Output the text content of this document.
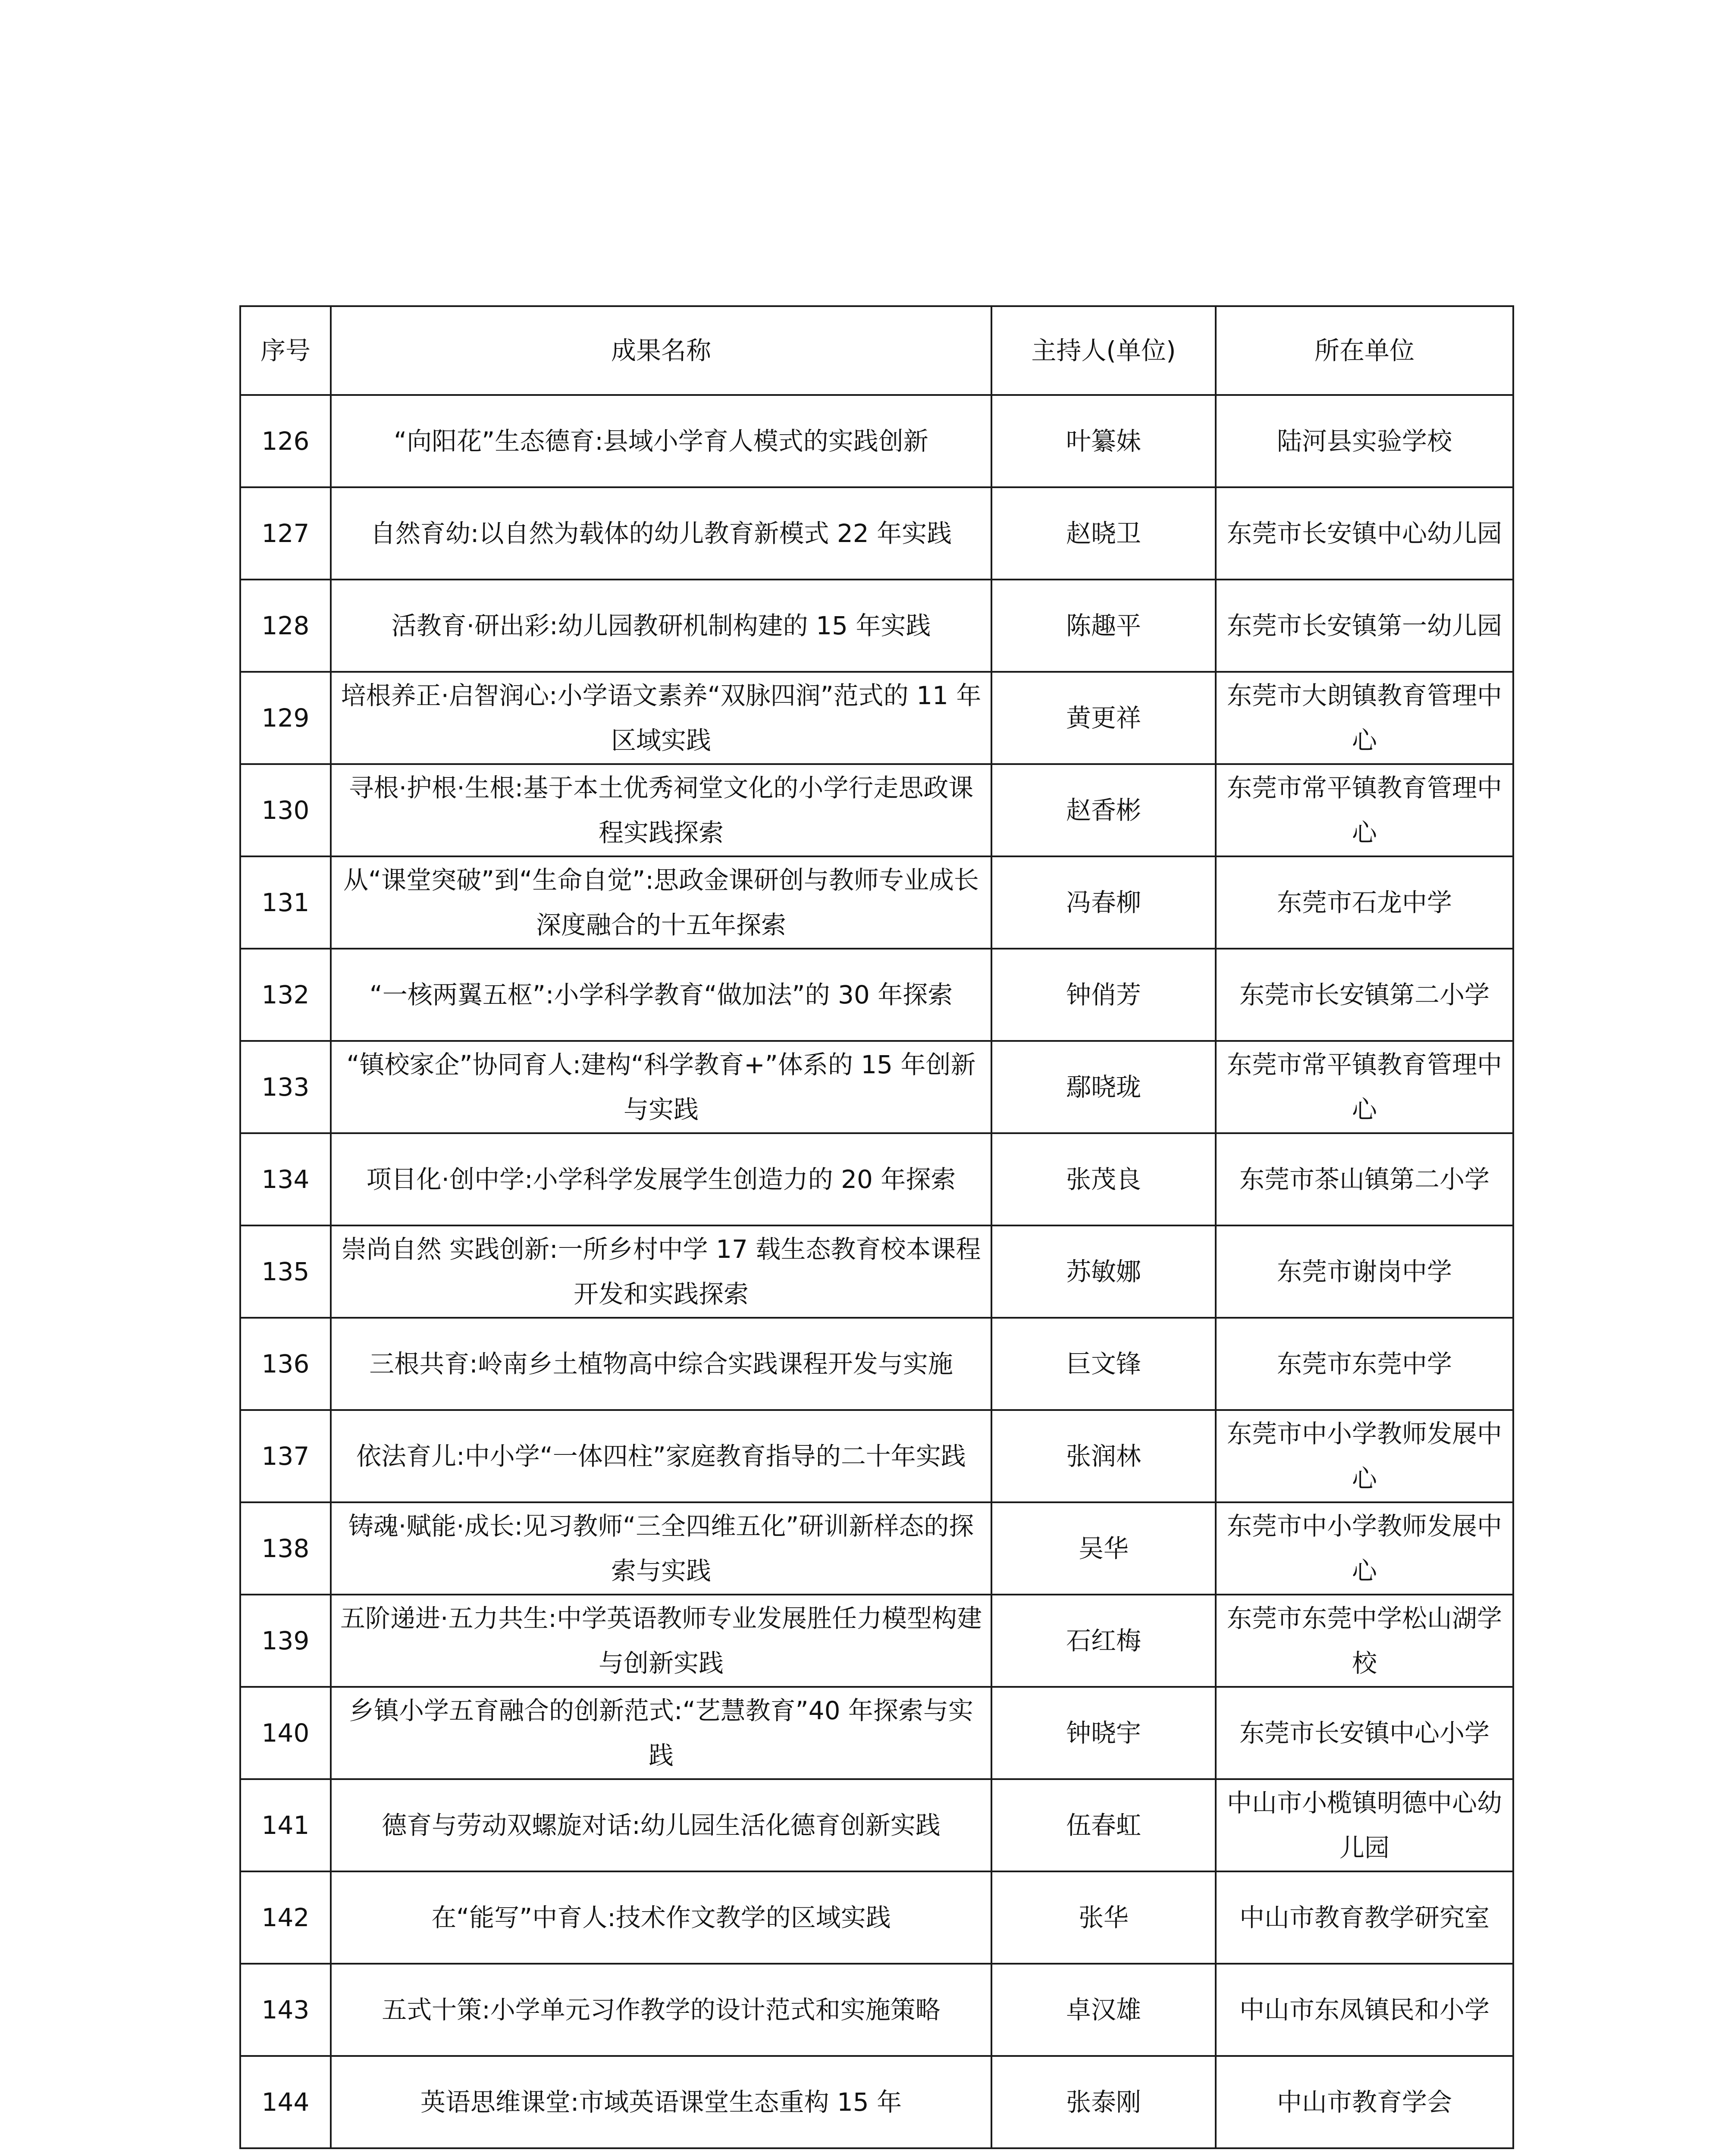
序号	成果名称	主持人(单位)	所在单位
126	“向阳花”生态德育:县域小学育人模式的实践创新	叶纂妹	陆河县实验学校
127	自然育幼:以自然为载体的幼儿教育新模式 22 年实践	赵晓卫	东莞市长安镇中心幼儿园
128	活教育·研出彩:幼儿园教研机制构建的 15 年实践	陈趣平	东莞市长安镇第一幼儿园
129	培根养正·启智润心:小学语文素养“双脉四润”范式的 11 年区域实践	黄更祥	东莞市大朗镇教育管理中心
130	寻根·护根·生根:基于本土优秀祠堂文化的小学行走思政课程实践探索	赵香彬	东莞市常平镇教育管理中心
131	从“课堂突破”到“生命自觉”:思政金课研创与教师专业成长深度融合的十五年探索	冯春柳	东莞市石龙中学
132	“一核两翼五枢”:小学科学教育“做加法”的 30 年探索	钟俏芳	东莞市长安镇第二小学
133	“镇校家企”协同育人:建构“科学教育+”体系的 15 年创新与实践	鄢晓珑	东莞市常平镇教育管理中心
134	项目化·创中学:小学科学发展学生创造力的 20 年探索	张茂良	东莞市茶山镇第二小学
135	崇尚自然 实践创新:一所乡村中学 17 载生态教育校本课程开发和实践探索	苏敏娜	东莞市谢岗中学
136	三根共育:岭南乡土植物高中综合实践课程开发与实施	巨文锋	东莞市东莞中学
137	依法育儿:中小学“一体四柱”家庭教育指导的二十年实践	张润林	东莞市中小学教师发展中心
138	铸魂·赋能·成长:见习教师“三全四维五化”研训新样态的探索与实践	吴华	东莞市中小学教师发展中心
139	五阶递进·五力共生:中学英语教师专业发展胜任力模型构建与创新实践	石红梅	东莞市东莞中学松山湖学校
140	乡镇小学五育融合的创新范式:“艺慧教育”40 年探索与实践	钟晓宇	东莞市长安镇中心小学
141	德育与劳动双螺旋对话:幼儿园生活化德育创新实践	伍春虹	中山市小榄镇明德中心幼儿园
142	在“能写”中育人:技术作文教学的区域实践	张华	中山市教育教学研究室
143	五式十策:小学单元习作教学的设计范式和实施策略	卓汉雄	中山市东凤镇民和小学
144	英语思维课堂:市域英语课堂生态重构 15 年	张泰刚	中山市教育学会
